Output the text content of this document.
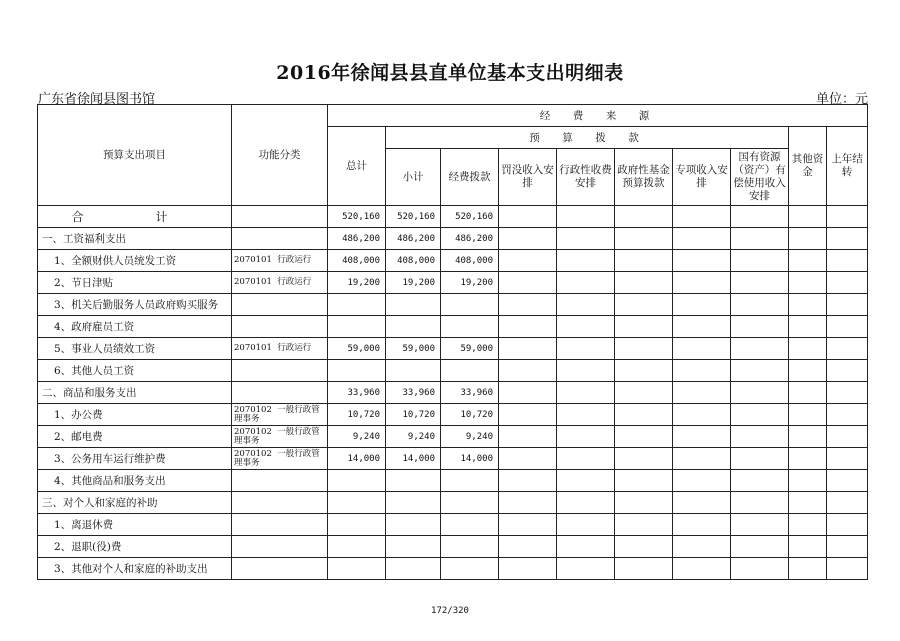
2016年徐闻县县直单位基本支出明细表
广东省徐闻县图书馆	单位：元
预算支出项目	功能分类	经　费　来　源									
		总计	预　算　拨　款							其他资金	上年结转
			小计	经费拨款	罚没收入安排	行政性收费安排	政府性基金预算拨款	专项收入安排	国有资源（资产）有偿使用收入安排		
合　计		520,160	520,160	520,160							
一、工资福利支出		486,200	486,200	486,200							
1、全额财供人员统发工资	2070101 行政运行	408,000	408,000	408,000							
2、节日津贴	2070101 行政运行	19,200	19,200	19,200							
3、机关后勤服务人员政府购买服务											
4、政府雇员工资											
5、事业人员绩效工资	2070101 行政运行	59,000	59,000	59,000							
6、其他人员工资											
二、商品和服务支出		33,960	33,960	33,960							
1、办公费	2070102 一般行政管理事务	10,720	10,720	10,720							
2、邮电费	2070102 一般行政管理事务	9,240	9,240	9,240							
3、公务用车运行维护费	2070102 一般行政管理事务	14,000	14,000	14,000							
4、其他商品和服务支出											
三、对个人和家庭的补助											
1、离退休费											
2、退职(役)费											
3、其他对个人和家庭的补助支出											
172/320
